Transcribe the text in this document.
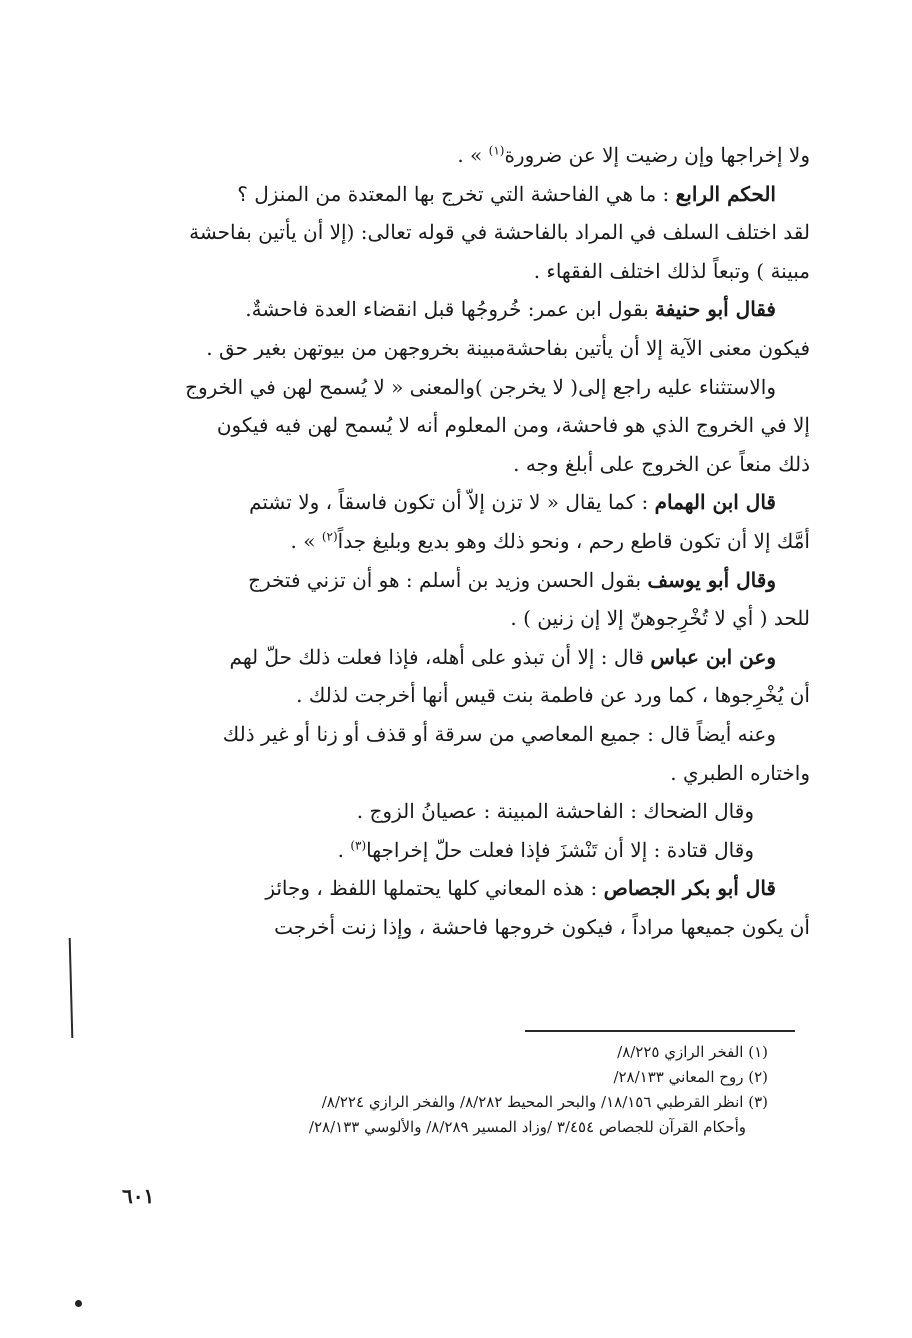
ولا إخراجها وإن رضيت إلا عن ضرورة$^{(١)}$ » .
الحكم الرابع : ما هي الفاحشة التي تخرج بها المعتدة من المنزل ؟
لقد اختلف السلف في المراد بالفاحشة في قوله تعالى: (إلا أن يأتين بفاحشة
مبينة ) وتبعاً لذلك اختلف الفقهاء .
فقال أبو حنيفة بقول ابن عمر: خُروجُها قبل انقضاء العدة فاحشةٌ.
فيكون معنى الآية إلا أن يأتين بفاحشةمبينة بخروجهن من بيوتهن بغير حق .
والاستثناء عليه راجع إلى( لا يخرجن )والمعنى « لا يُسمح لهن في الخروج
إلا في الخروج الذي هو فاحشة، ومن المعلوم أنه لا يُسمح لهن فيه فيكون
ذلك منعاً عن الخروج على أبلغ وجه .
قال ابن الهمام : كما يقال « لا تزن إلاّ أن تكون فاسقاً ، ولا تشتم
أمَّك إلا أن تكون قاطع رحم ، ونحو ذلك وهو بديع وبليغ جداً$^{(٢)}$ » .
وقال أبو يوسف بقول الحسن وزيد بن أسلم : هو أن تزني فتخرج
للحد ( أي لا تُخْرِجوهنّ إلا إن زنين ) .
وعن ابن عباس قال : إلا أن تبذو على أهله، فإذا فعلت ذلك حلّ لهم
أن يُخْرِجوها ، كما ورد عن فاطمة بنت قيس أنها أخرجت لذلك .
وعنه أيضاً قال : جميع المعاصي من سرقة أو قذف أو زنا أو غير ذلك
واختاره الطبري .
وقال الضحاك : الفاحشة المبينة : عصيانُ الزوج .
وقال قتادة : إلا أن تَنْشزَ فإذا فعلت حلّ إخراجها$^{(٣)}$ .
قال أبو بكر الجصاص : هذه المعاني كلها يحتملها اللفظ ، وجائز
أن يكون جميعها مراداً ، فيكون خروجها فاحشة ، وإذا زنت أخرجت
(١) الفخر الرازي ٨/٢٢٥/
(٢) روح المعاني ٢٨/١٣٣/
(٣) انظر القرطبي ١٨/١٥٦/ والبحر المحيط ٨/٢٨٢/ والفخر الرازي ٨/٢٢٤/
وأحكام القرآن للجصاص ٣/٤٥٤ /وزاد المسير ٨/٢٨٩/ والألوسي ٢٨/١٣٣/
٦٠١
